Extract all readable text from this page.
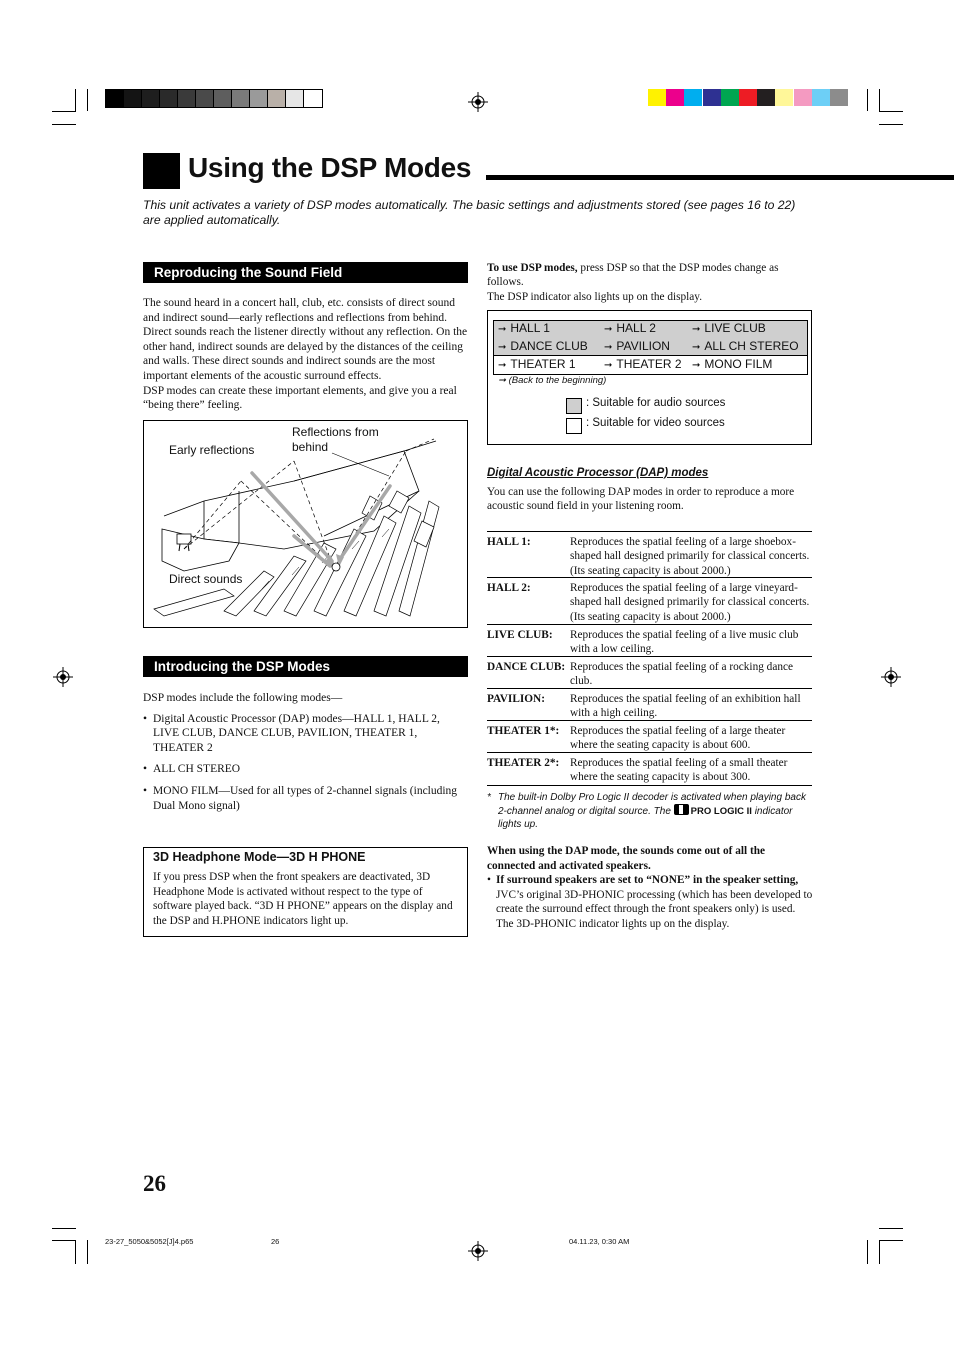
Using the DSP Modes
This unit activates a variety of DSP modes automatically. The basic settings and adjustments stored (see pages 16 to 22) are applied automatically.
Reproducing the Sound Field
The sound heard in a concert hall, club, etc. consists of direct sound and indirect sound—early reflections and reflections from behind. Direct sounds reach the listener directly without any reflection. On the other hand, indirect sounds are delayed by the distances of the ceiling and walls. These direct sounds and indirect sounds are the most important elements of the acoustic surround effects.
DSP modes can create these important elements, and give you a real “being there” feeling.
Early reflections
Reflections from behind
Direct sounds
Introducing the DSP Modes
DSP modes include the following modes—
• Digital Acoustic Processor (DAP) modes—HALL 1, HALL 2, LIVE CLUB, DANCE CLUB, PAVILION, THEATER 1, THEATER 2
• ALL CH STEREO
• MONO FILM—Used for all types of 2-channel signals (including Dual Mono signal)
3D Headphone Mode—3D H PHONE
If you press DSP when the front speakers are deactivated, 3D Headphone Mode is activated without respect to the type of software played back. “3D H PHONE” appears on the display and the DSP and H.PHONE indicators light up.
To use DSP modes, press DSP so that the DSP modes change as follows.
The DSP indicator also lights up on the display.
➞ (Back to the beginning)
: Suitable for audio sources
: Suitable for video sources
➞ HALL 1	➞ HALL 2	➞ LIVE CLUB
➞ DANCE CLUB ➞ PAVILION ➞ ALL CH STEREO
➞ THEATER 1	➞ THEATER 2 ➞ MONO FILM
Digital Acoustic Processor (DAP) modes
You can use the following DAP modes in order to reproduce a more acoustic sound field in your listening room.
HALL 1:	Reproduces the spatial feeling of a large shoebox-shaped hall designed primarily for classical concerts. (Its seating capacity is about 2000.)
HALL 2:	Reproduces the spatial feeling of a large vineyard-shaped hall designed primarily for classical concerts. (Its seating capacity is about 2000.)
LIVE CLUB: Reproduces the spatial feeling of a live music club with a low ceiling.
DANCE CLUB: Reproduces the spatial feeling of a rocking dance club.
PAVILION: Reproduces the spatial feeling of an exhibition hall with a high ceiling.
THEATER 1*: Reproduces the spatial feeling of a large theater where the seating capacity is about 600.
THEATER 2*: Reproduces the spatial feeling of a small theater where the seating capacity is about 300.
* The built-in Dolby Pro Logic II decoder is activated when playing back 2-channel analog or digital source. The PRO LOGIC II indicator lights up.
When using the DAP mode, the sounds come out of all the connected and activated speakers.
• If surround speakers are set to “NONE” in the speaker setting, JVC’s original 3D-PHONIC processing (which has been developed to create the surround effect through the front speakers only) is used. The 3D-PHONIC indicator lights up on the display.
26
23-27_5050&5052[J]4.p65	26	04.11.23, 0:30 AM
